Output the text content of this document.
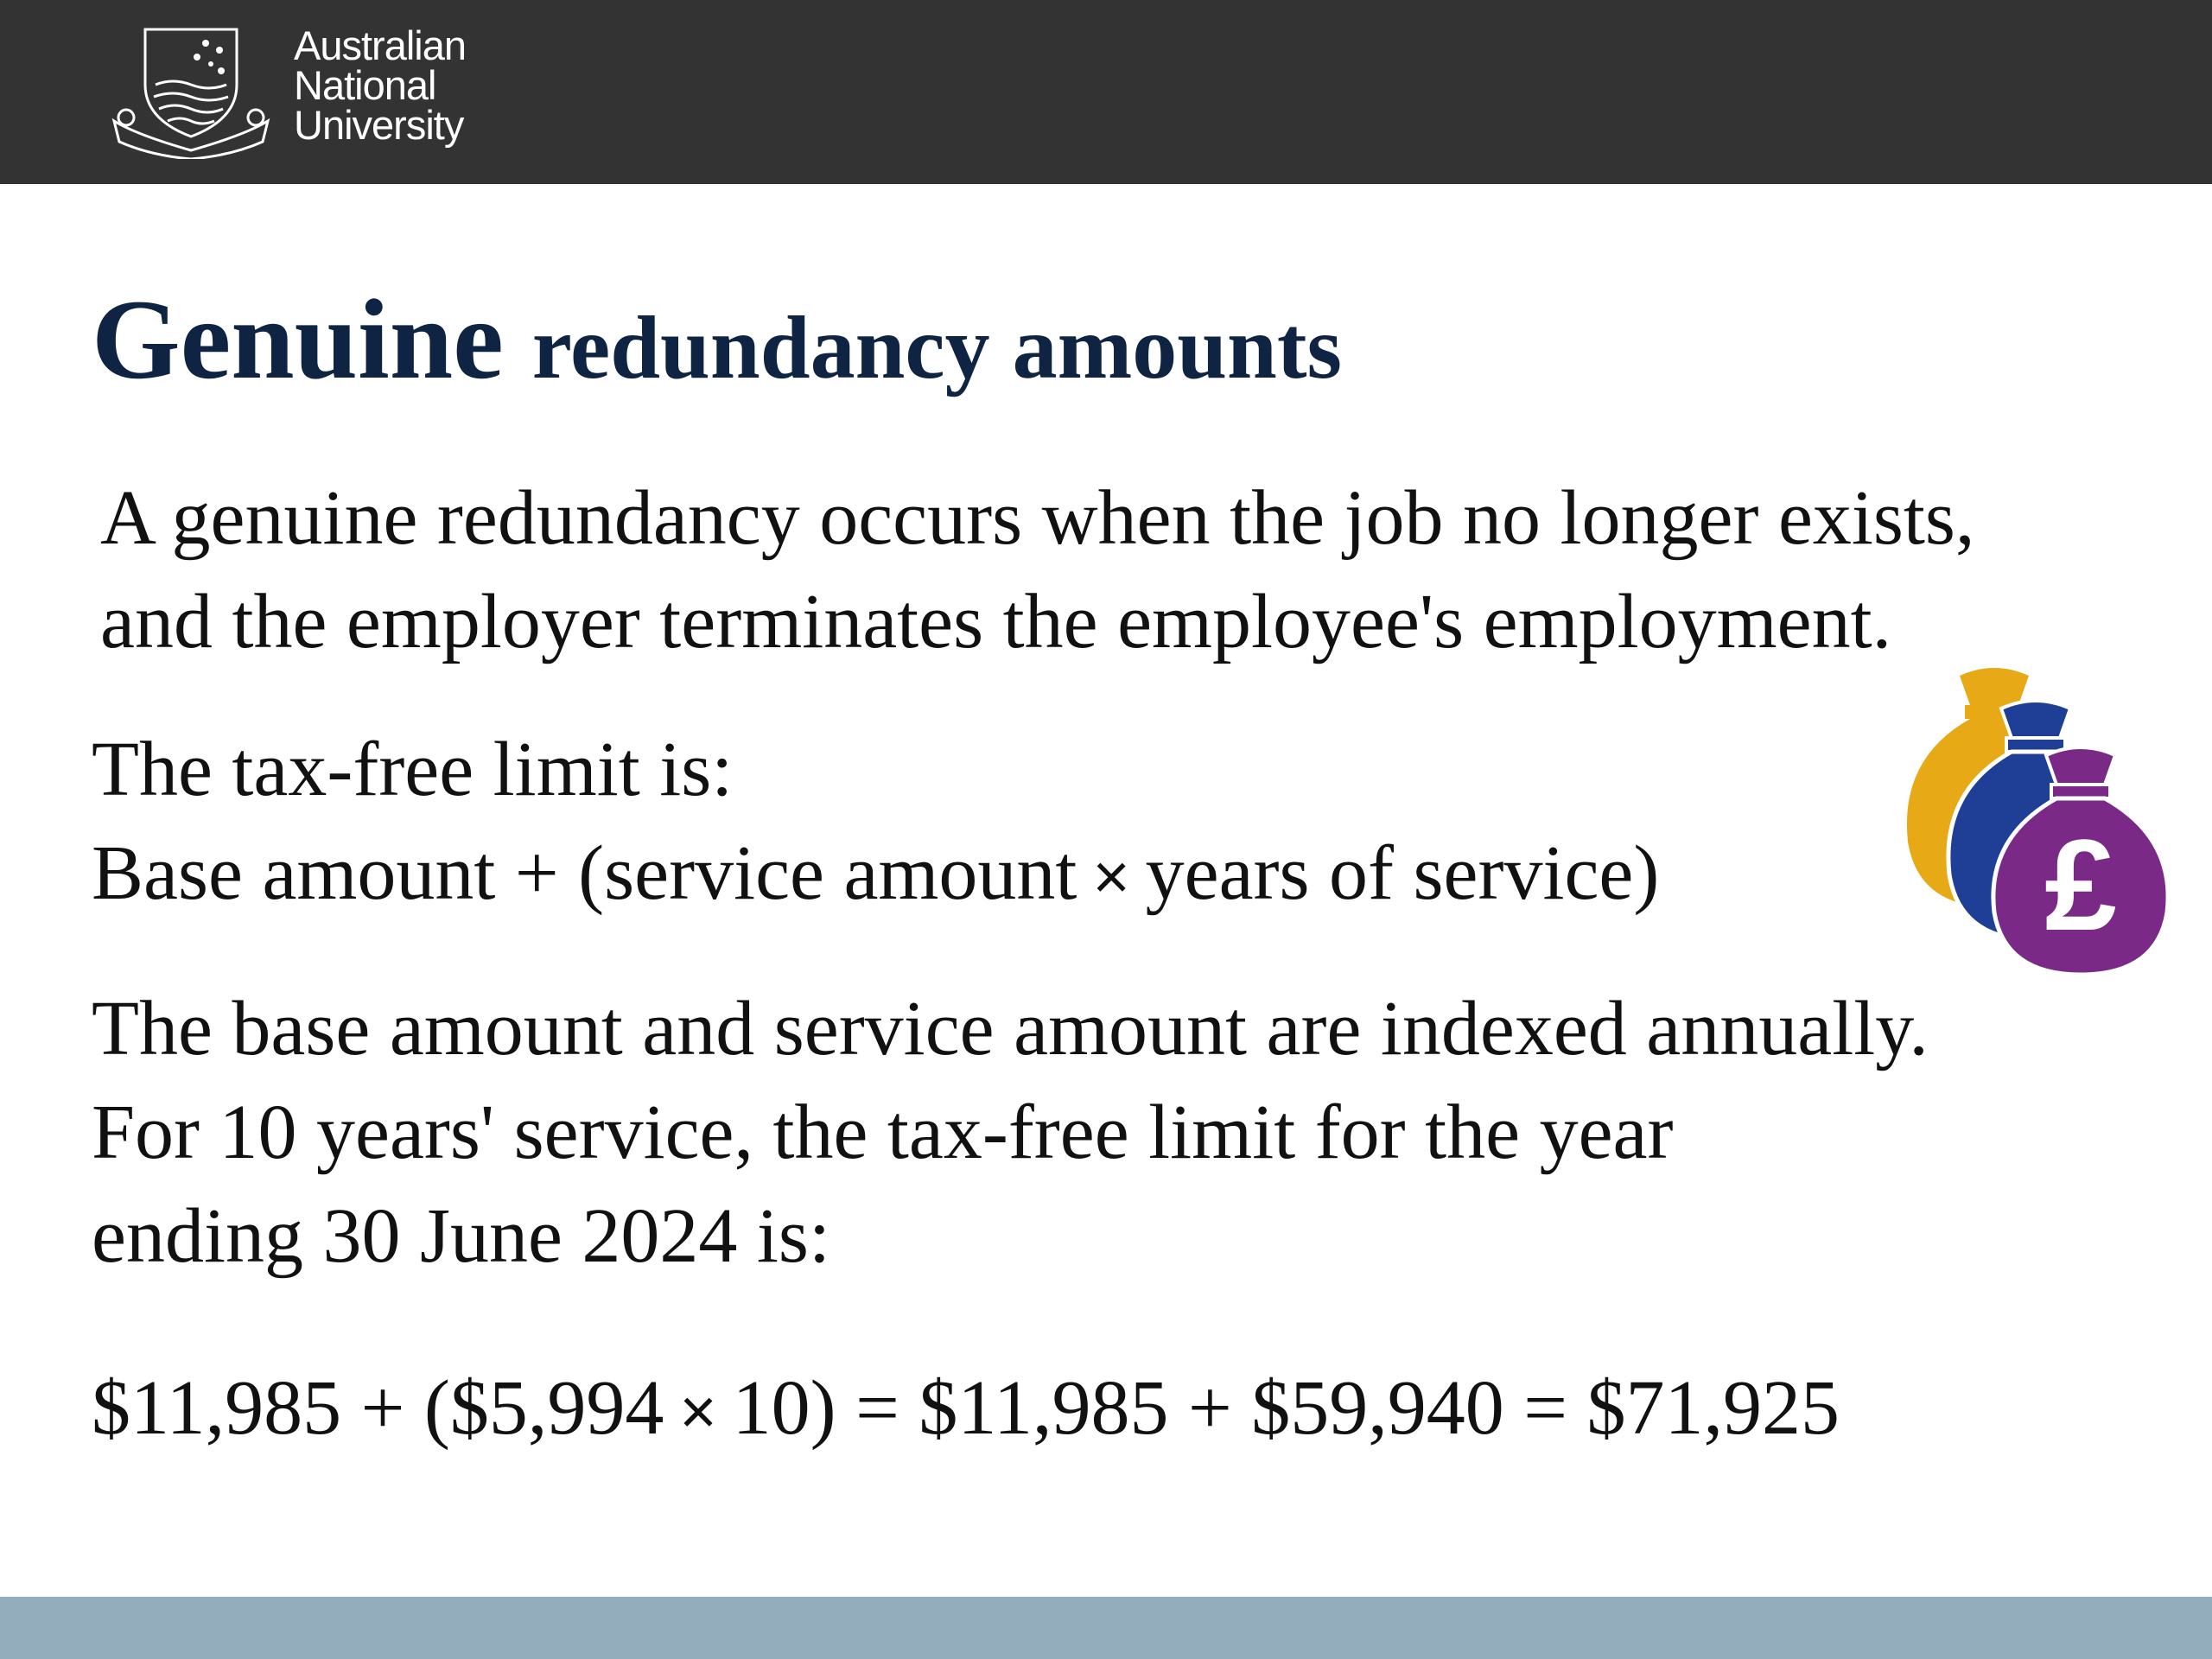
Australian
National
University
Genuine redundancy amounts
A genuine redundancy occurs when the job no longer exists,
and the employer terminates the employee's employment.
The tax-free limit is:
Base amount + (service amount × years of service)
The base amount and service amount are indexed annually.
For 10 years' service, the tax-free limit for the year
ending 30 June 2024 is:
$11,985 + ($5,994 × 10) = $11,985 + $59,940 = $71,925
£
